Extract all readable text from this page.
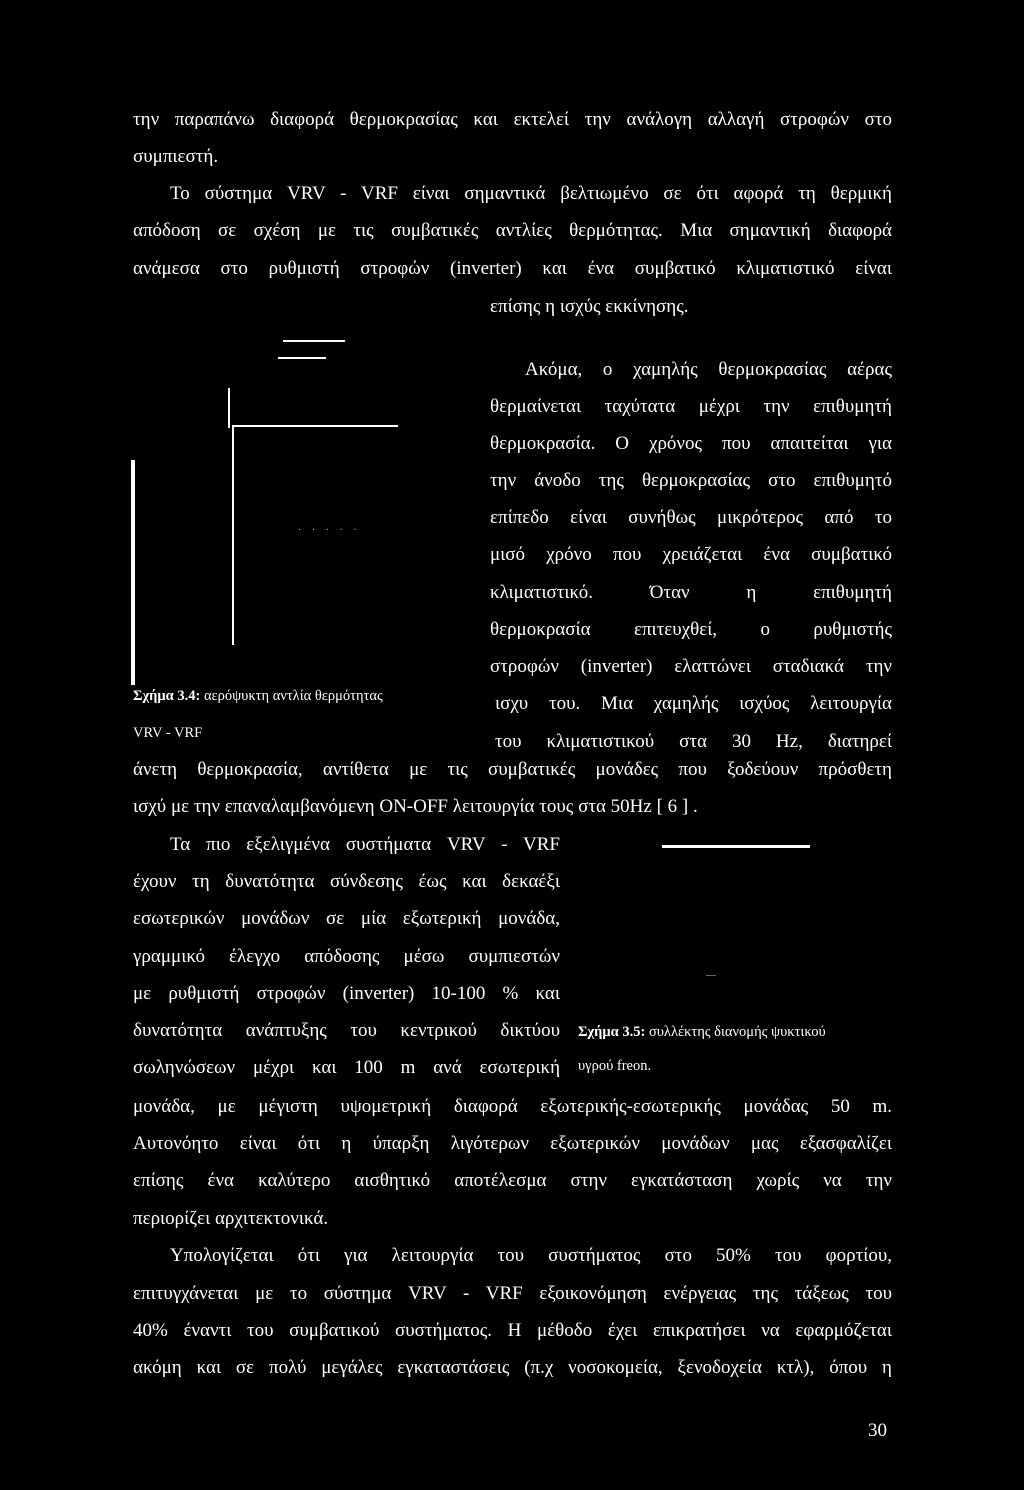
την παραπάνω διαφορά θερμοκρασίας και εκτελεί την ανάλογη αλλαγή στροφών στο
συμπιεστή.
Το σύστημα VRV - VRF είναι σημαντικά βελτιωμένο σε ότι αφορά τη θερμική
απόδοση σε σχέση με τις συμβατικές αντλίες θερμότητας. Μια σημαντική διαφορά
ανάμεσα στο ρυθμιστή στροφών (inverter) και ένα συμβατικό κλιματιστικό είναι
επίσης η ισχύς εκκίνησης.
Ακόμα, ο χαμηλής θερμοκρασίας αέρας
θερμαίνεται ταχύτατα μέχρι την επιθυμητή
θερμοκρασία. Ο χρόνος που απαιτείται για
την άνοδο της θερμοκρασίας στο επιθυμητό
επίπεδο είναι συνήθως μικρότερος από το
μισό χρόνο που χρειάζεται ένα συμβατικό
κλιματιστικό. Όταν η επιθυμητή
θερμοκρασία επιτευχθεί, ο ρυθμιστής
στροφών (inverter) ελαττώνει σταδιακά την
ισχυ του. Μια χαμηλής ισχύος λειτουργία
του κλιματιστικού στα 30 Hz, διατηρεί
· · · · ·
Σχήμα 3.4: αερόψυκτη αντλία θερμότητας
VRV - VRF
άνετη θερμοκρασία, αντίθετα με τις συμβατικές μονάδες που ξοδεύουν πρόσθετη
ισχύ με την επαναλαμβανόμενη ON-OFF λειτουργία τους στα 50Hz [ 6 ] .
Τα πιο εξελιγμένα συστήματα VRV - VRF
έχουν τη δυνατότητα σύνδεσης έως και δεκαέξι
εσωτερικών μονάδων σε μία εξωτερική μονάδα,
γραμμικό έλεγχο απόδοσης μέσω συμπιεστών
με ρυθμιστή στροφών (inverter) 10-100 % και
δυνατότητα ανάπτυξης του κεντρικού δικτύου
σωληνώσεων μέχρι και 100 m ανά εσωτερική
—
Σχήμα 3.5: συλλέκτης διανομής ψυκτικού
υγρού freon.
μονάδα, με μέγιστη υψομετρική διαφορά εξωτερικής-εσωτερικής μονάδας 50 m.
Αυτονόητο είναι ότι η ύπαρξη λιγότερων εξωτερικών μονάδων μας εξασφαλίζει
επίσης ένα καλύτερο αισθητικό αποτέλεσμα στην εγκατάσταση χωρίς να την
περιορίζει αρχιτεκτονικά.
Υπολογίζεται ότι για λειτουργία του συστήματος στο 50% του φορτίου,
επιτυγχάνεται με το σύστημα VRV - VRF εξοικονόμηση ενέργειας της τάξεως του
40% έναντι του συμβατικού συστήματος. Η μέθοδο έχει επικρατήσει να εφαρμόζεται
ακόμη και σε πολύ μεγάλες εγκαταστάσεις (π.χ νοσοκομεία, ξενοδοχεία κτλ), όπου η
30
